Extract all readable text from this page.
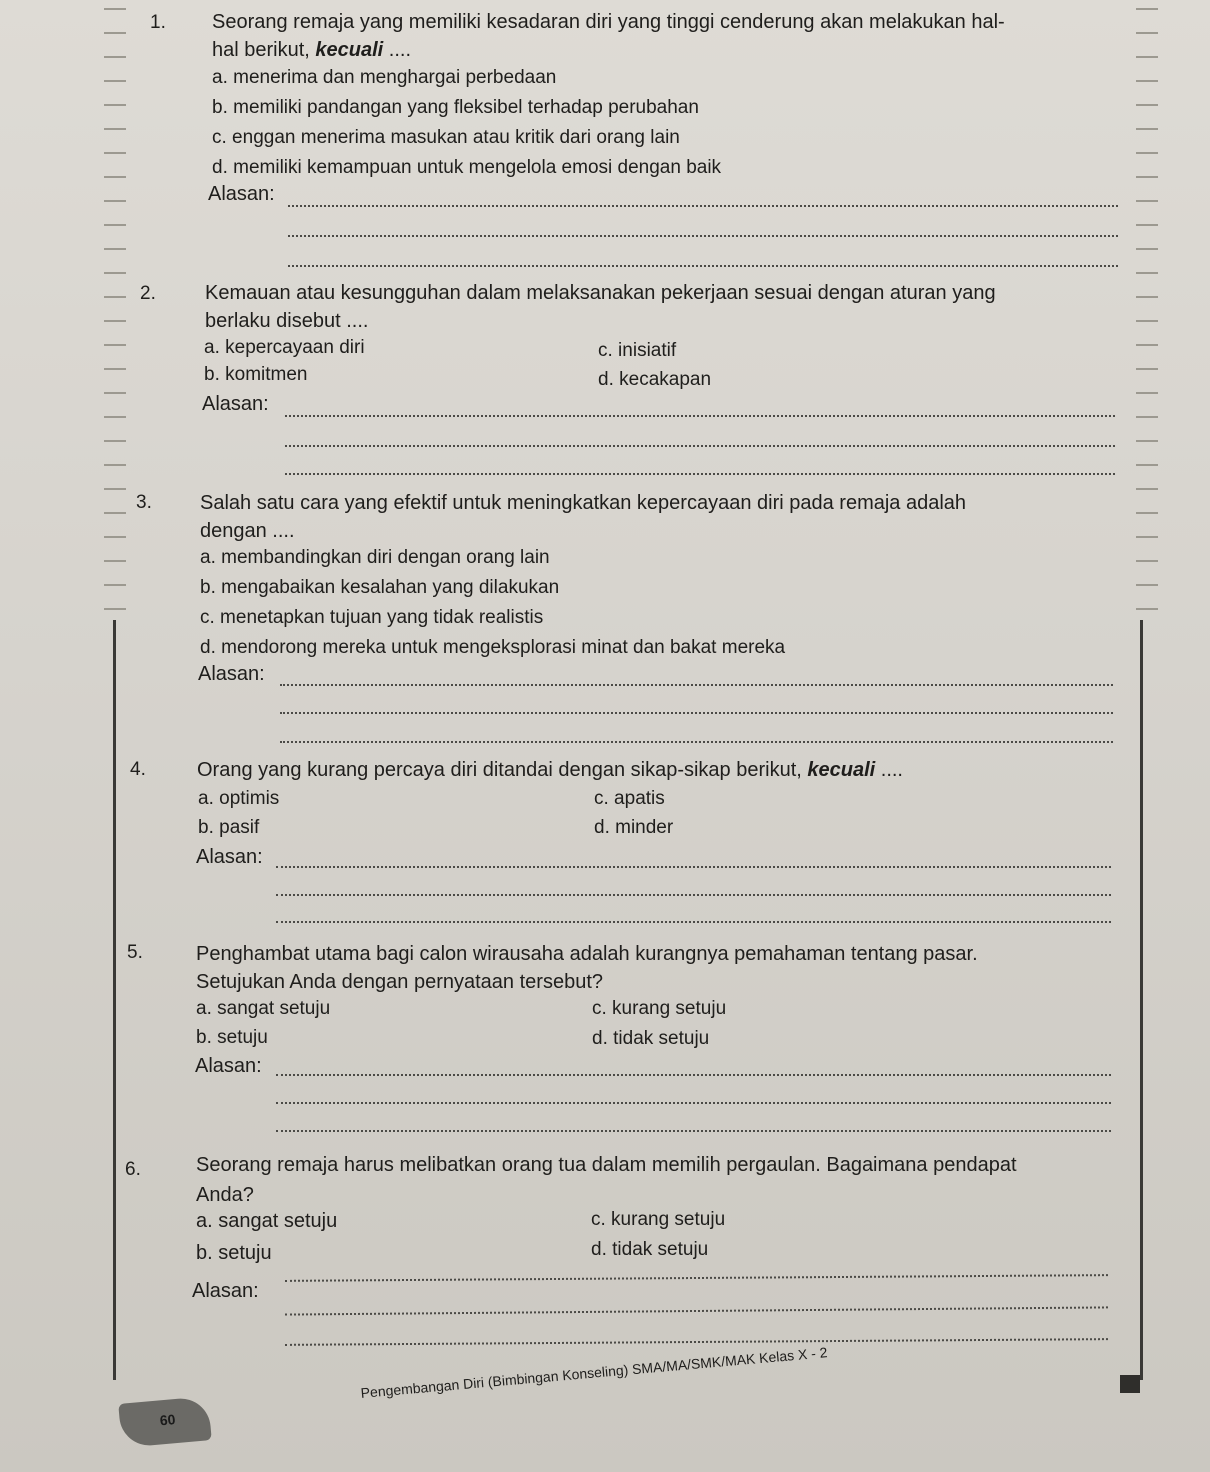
1. Seorang remaja yang memiliki kesadaran diri yang tinggi cenderung akan melakukan hal-
hal berikut, kecuali ....
a. menerima dan menghargai perbedaan
b. memiliki pandangan yang fleksibel terhadap perubahan
c. enggan menerima masukan atau kritik dari orang lain
d. memiliki kemampuan untuk mengelola emosi dengan baik
Alasan:
2. Kemauan atau kesungguhan dalam melaksanakan pekerjaan sesuai dengan aturan yang
berlaku disebut ....
a. kepercayaan diri
b. komitmen
c. inisiatif
d. kecakapan
Alasan:
3. Salah satu cara yang efektif untuk meningkatkan kepercayaan diri pada remaja adalah
dengan ....
a. membandingkan diri dengan orang lain
b. mengabaikan kesalahan yang dilakukan
c. menetapkan tujuan yang tidak realistis
d. mendorong mereka untuk mengeksplorasi minat dan bakat mereka
Alasan:
4.	Orang yang kurang percaya diri ditandai dengan sikap-sikap berikut, kecuali ....
a. optimis
b. pasif
c. apatis
d. minder
Alasan:
5.	Penghambat utama bagi calon wirausaha adalah kurangnya pemahaman tentang pasar.
Setujukan Anda dengan pernyataan tersebut?
a. sangat setuju
b. setuju
c. kurang setuju
d. tidak setuju
Alasan:
6.	Seorang remaja harus melibatkan orang tua dalam memilih pergaulan. Bagaimana pendapat
Anda?
a. sangat setuju
b. setuju
c. kurang setuju
d. tidak setuju
Alasan:
Pengembangan Diri (Bimbingan Konseling) SMA/MA/SMK/MAK Kelas X - 2
60
